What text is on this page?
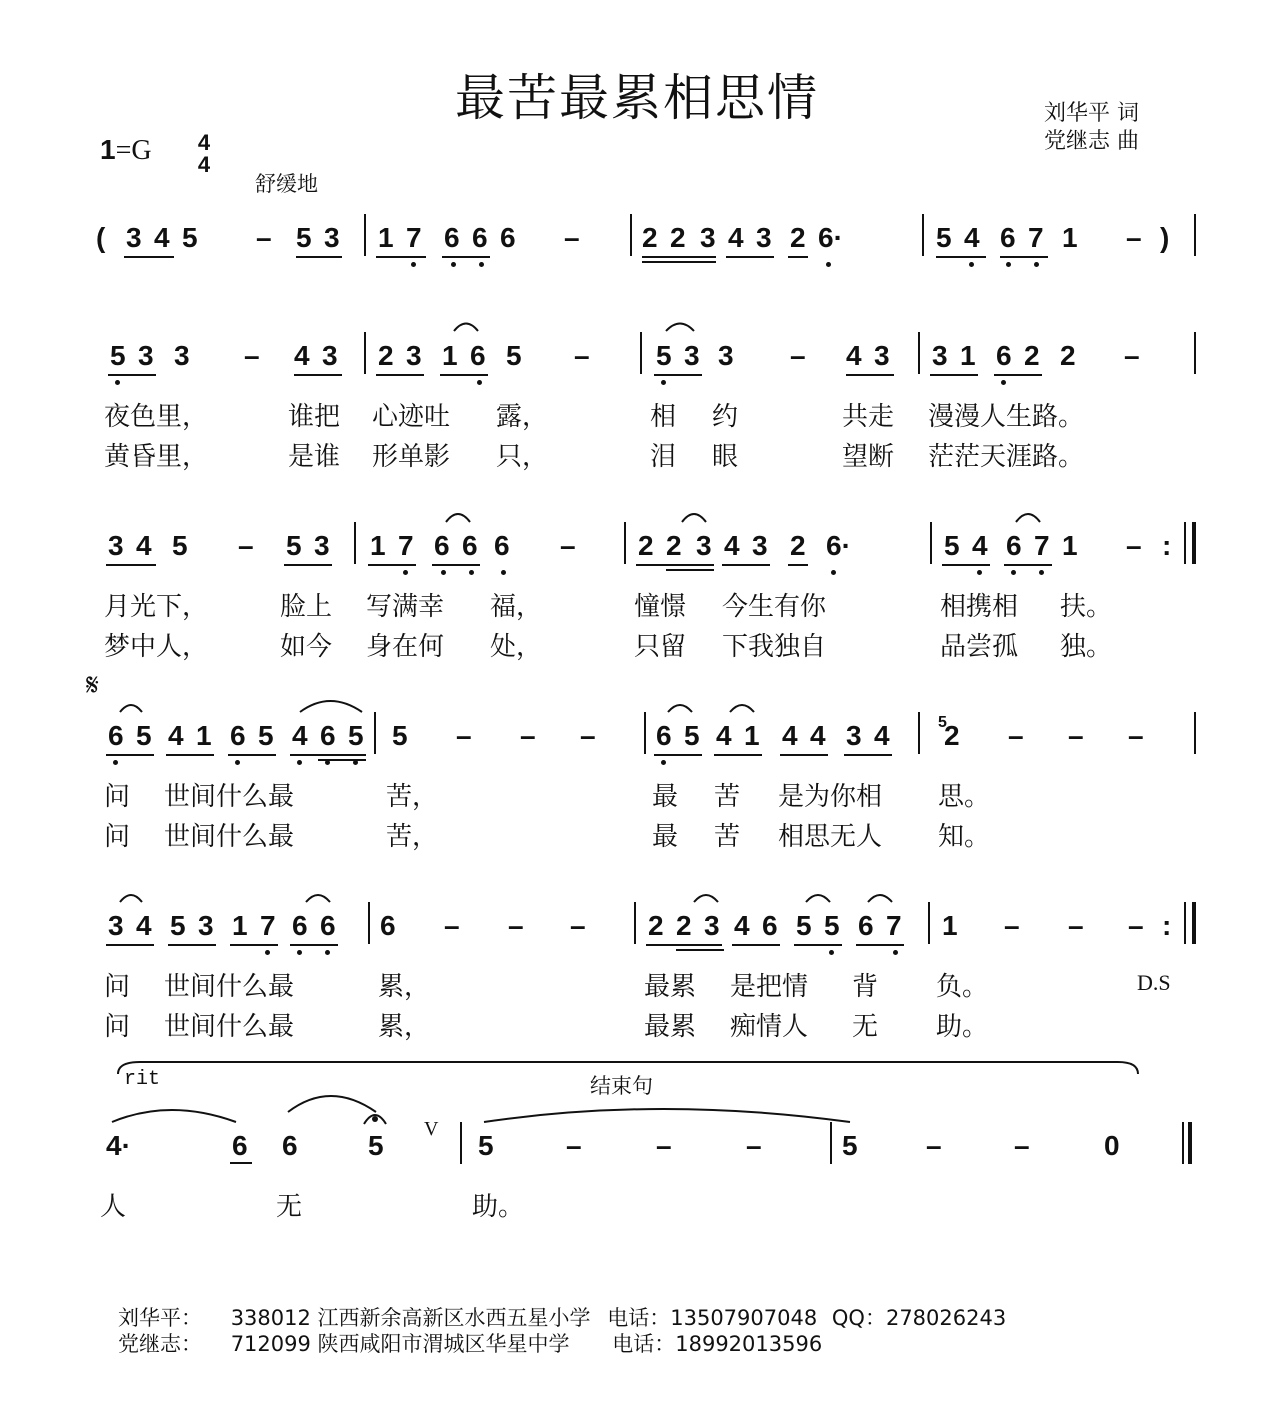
最苦最累相思情	刘华平 词
党继志 曲
1=G 4
4
舒缓地
𝄋
D.S
rit	结束句
V
( 3 4 5 – 5 3 1 7 6 6 6 – 2 2 3 4 3 2 6·	5 4 6 7 1 – )
5 3 3 – 4 3 2 3 1 6 5 – 5 3 3 – 4 3 3 1 6 2 2 –
3 4 5 – 5 3 1 7 6 6 6 – 2 2 3 4 3 2 6·	5 4 6 7 1 – :
6 5 4 1 6 5 4 6 5 5 – – – 6 5 4 1 4 4 3 4	5
2 – – –
3 4 5 3 1 7 6 6 6 – – – 2 2 3 4 6 5 5 6 7 1 – – – :
4·	6 6	5	5	–	–	–	5 –	–	0
夜色里，	谁把 心迹吐 露，	相 约	共走 漫漫人生路。
黄昏里，	是谁 形单影 只，	泪 眼	望断 茫茫天涯路。
月光下，	脸上 写满幸 福，	憧憬 今生有你	相携相 扶。
梦中人，	如今 身在何 处，	只留 下我独自	品尝孤 独。
问 世间什么最	苦，	最 苦 是为你相 思。
问 世间什么最	苦，	最 苦 相思无人 知。
问 世间什么最	累，	最累 是把情 背 负。
问 世间什么最	累，	最累 痴情人 无 助。
人	无	助。
刘华平： 338012 江西新余高新区水西五星小学 电话：13507907048 QQ：278026243
党继志： 712099 陕西咸阳市渭城区华星中学 电话：18992013596
